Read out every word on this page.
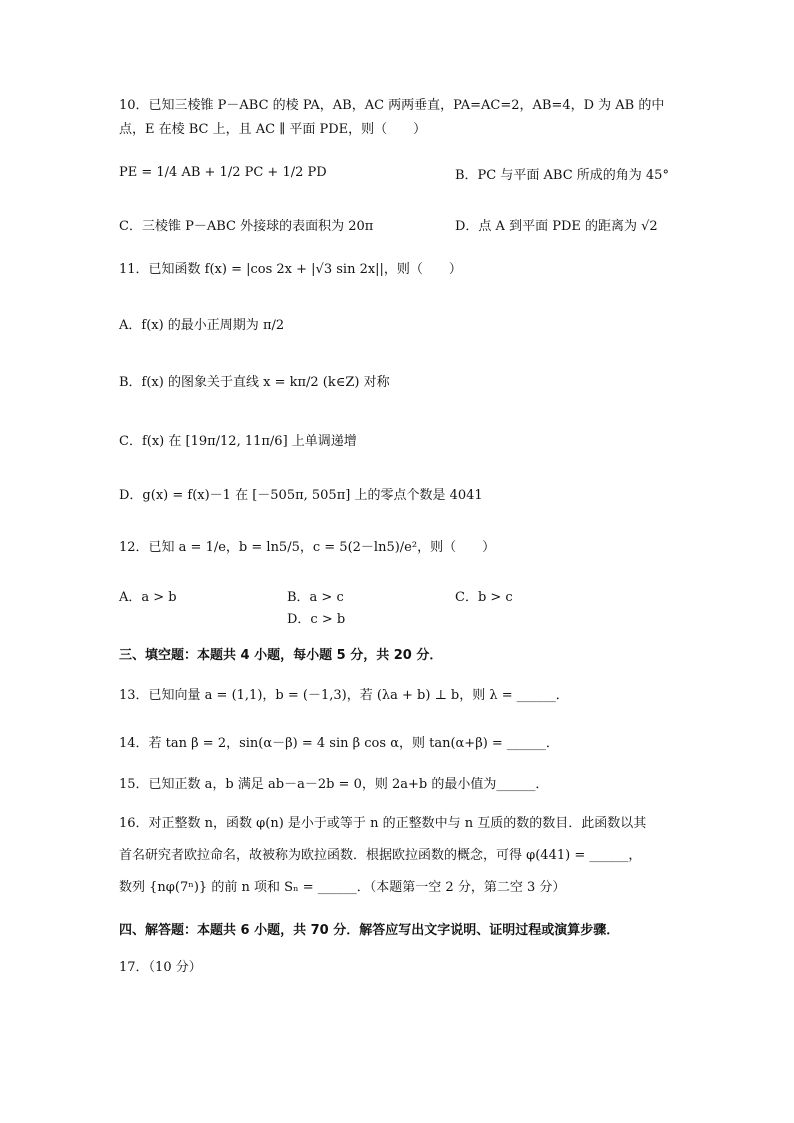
10．已知三棱锥 P－ABC 的棱 PA，AB，AC 两两垂直，PA=AC=2，AB=4，D 为 AB 的中
点，E 在棱 BC 上，且 AC ∥ 平面 PDE，则（　　）
PE = 1/4 AB + 1/2 PC + 1/2 PD	B．PC 与平面 ABC 所成的角为 45°
C．三棱锥 P－ABC 外接球的表面积为 20π	D．点 A 到平面 PDE 的距离为 √2
11．已知函数 f(x) = |cos 2x + |√3 sin 2x||，则（　　）
A．f(x) 的最小正周期为 π/2
B．f(x) 的图象关于直线 x = kπ/2 (k∈Z) 对称
C．f(x) 在 [19π/12, 11π/6] 上单调递增
D．g(x) = f(x)－1 在 [－505π, 505π] 上的零点个数是 4041
12．已知 a = 1/e，b = ln5/5，c = 5(2－ln5)/e²，则（　　）
A．a > b	B．a > c	C．b > c
D．c > b
三、填空题：本题共 4 小题，每小题 5 分，共 20 分．
13．已知向量 a = (1,1)，b = (－1,3)，若 (λa + b) ⊥ b，则 λ = ______．
14．若 tan β = 2，sin(α－β) = 4 sin β cos α，则 tan(α+β) = ______．
15．已知正数 a，b 满足 ab－a－2b = 0，则 2a+b 的最小值为______．
16．对正整数 n，函数 φ(n) 是小于或等于 n 的正整数中与 n 互质的数的数目．此函数以其
首名研究者欧拉命名，故被称为欧拉函数．根据欧拉函数的概念，可得 φ(441) = ______，
数列 {nφ(7ⁿ)} 的前 n 项和 Sₙ = ______．（本题第一空 2 分，第二空 3 分）
四、解答题：本题共 6 小题，共 70 分．解答应写出文字说明、证明过程或演算步骤．
17．（10 分）
